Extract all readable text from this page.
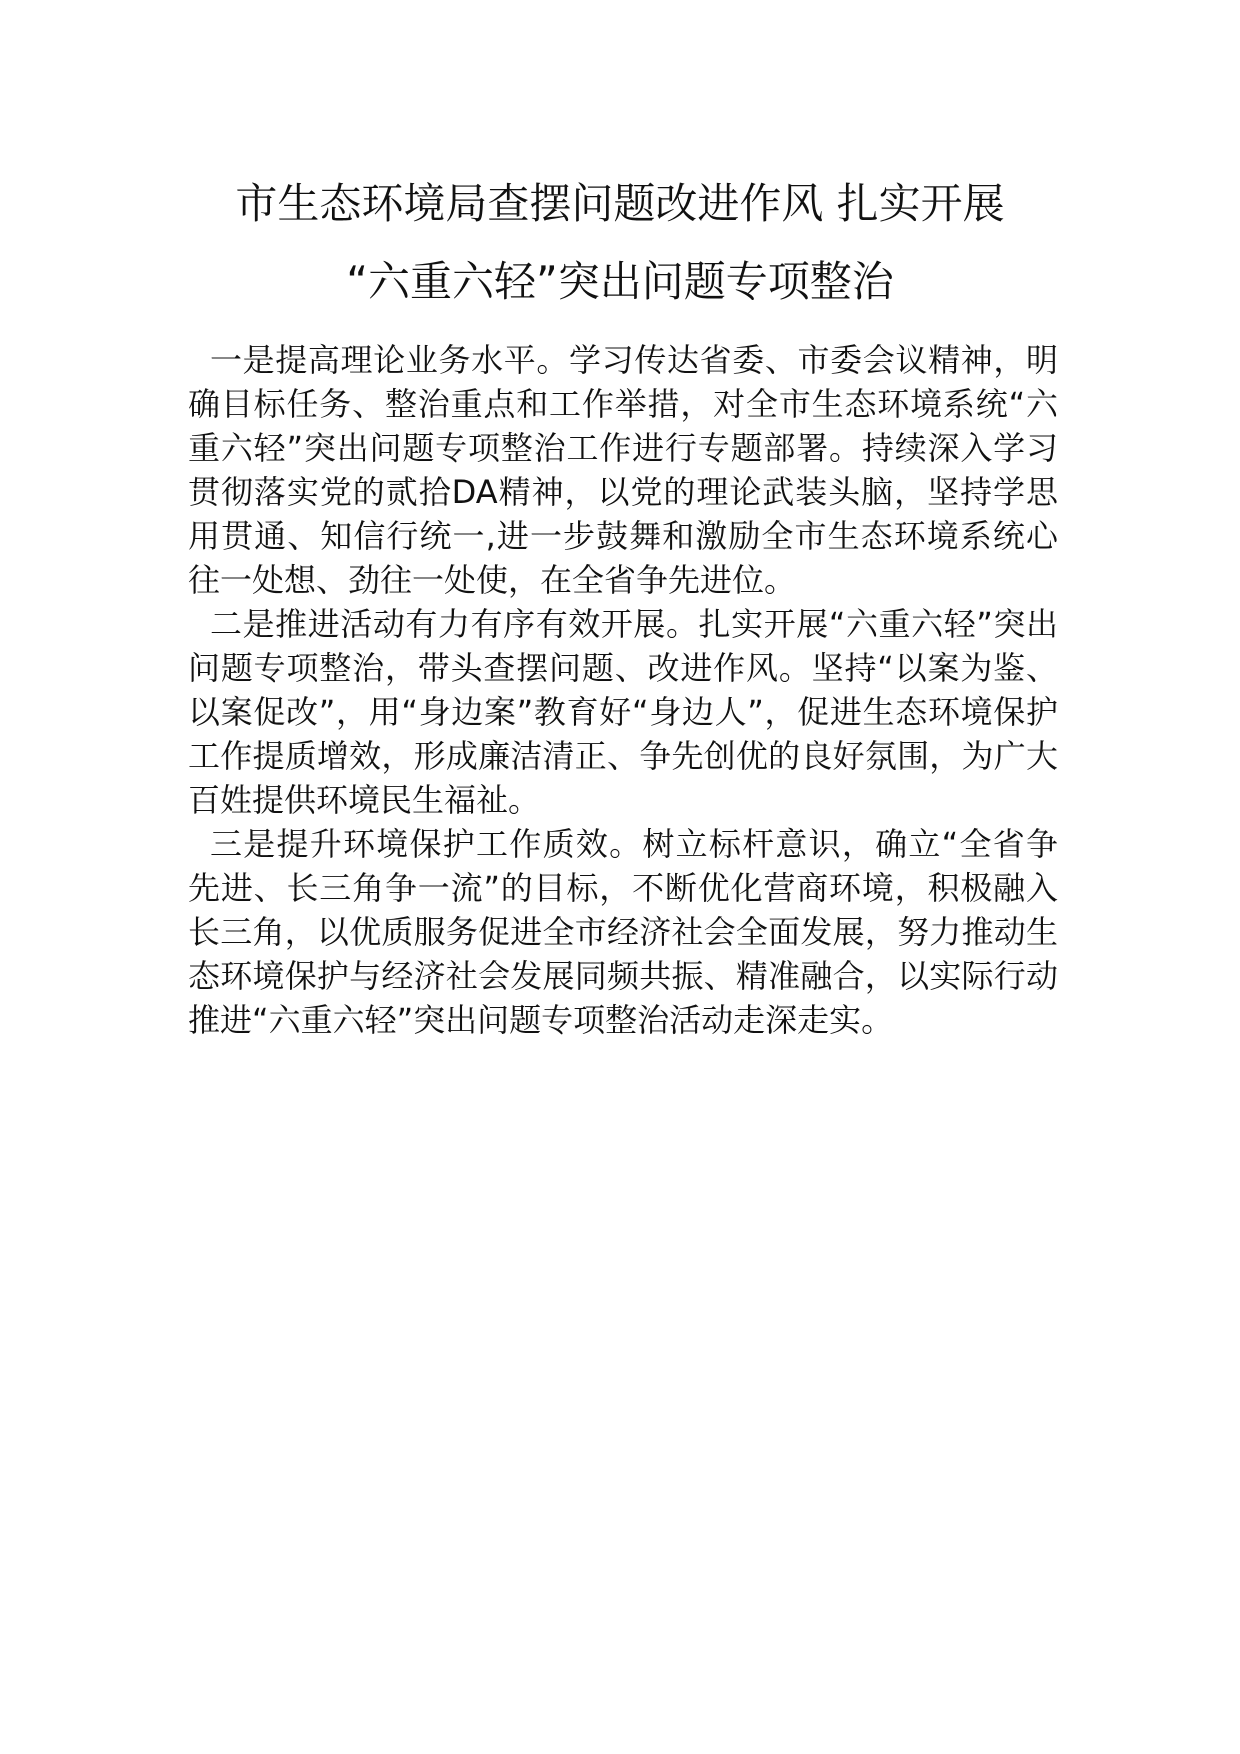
市生态环境局查摆问题改进作风 扎实开展
“六重六轻”突出问题专项整治

一是提高理论业务水平。学习传达省委、市委会议精神，明确目标任务、整治重点和工作举措，对全市生态环境系统“六重六轻”突出问题专项整治工作进行专题部署。持续深入学习贯彻落实党的贰拾DA精神，以党的理论武装头脑，坚持学思用贯通、知信行统一,进一步鼓舞和激励全市生态环境系统心往一处想、劲往一处使，在全省争先进位。

二是推进活动有力有序有效开展。扎实开展“六重六轻”突出问题专项整治，带头查摆问题、改进作风。坚持“以案为鉴、以案促改”，用“身边案”教育好“身边人”，促进生态环境保护工作提质增效，形成廉洁清正、争先创优的良好氛围，为广大百姓提供环境民生福祉。

三是提升环境保护工作质效。树立标杆意识，确立“全省争先进、长三角争一流”的目标，不断优化营商环境，积极融入长三角，以优质服务促进全市经济社会全面发展，努力推动生态环境保护与经济社会发展同频共振、精准融合，以实际行动推进“六重六轻”突出问题专项整治活动走深走实。
